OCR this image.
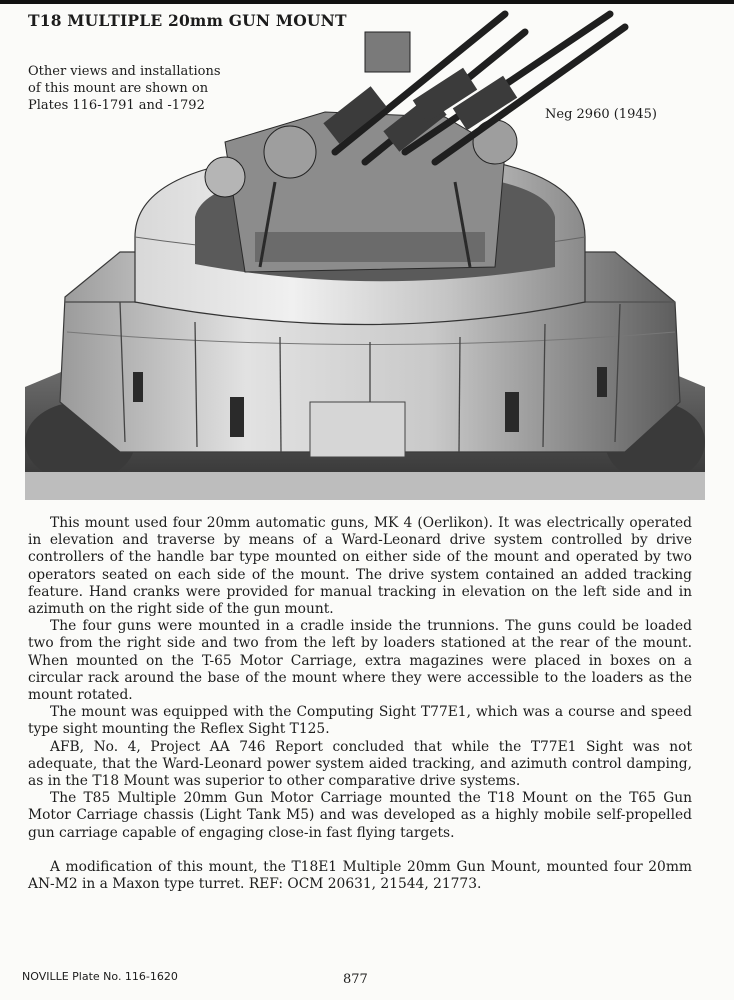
T18 MULTIPLE 20mm GUN MOUNT
Other views and installations
of this mount are shown on
Plates 116-1791 and -1792
Neg 2960 (1945)

This mount used four 20mm automatic guns, MK 4 (Oerlikon). It was electrically operated in elevation and traverse by means of a Ward-Leonard drive system controlled by drive controllers of the handle bar type mounted on either side of the mount and operated by two operators seated on each side of the mount. The drive system contained an added tracking feature. Hand cranks were provided for manual tracking in elevation on the left side and in azimuth on the right side of the gun mount.

The four guns were mounted in a cradle inside the trunnions. The guns could be loaded two from the right side and two from the left by loaders stationed at the rear of the mount. When mounted on the T-65 Motor Carriage, extra magazines were placed in boxes on a circular rack around the base of the mount where they were accessible to the loaders as the mount rotated.

The mount was equipped with the Computing Sight T77E1, which was a course and speed type sight mounting the Reflex Sight T125.

AFB, No. 4, Project AA 746 Report concluded that while the T77E1 Sight was not adequate, that the Ward-Leonard power system aided tracking, and azimuth control damping, as in the T18 Mount was superior to other comparative drive systems.

The T85 Multiple 20mm Gun Motor Carriage mounted the T18 Mount on the T65 Gun Motor Carriage chassis (Light Tank M5) and was developed as a highly mobile self-propelled gun carriage capable of engaging close-in fast flying targets.

A modification of this mount, the T18E1 Multiple 20mm Gun Mount, mounted four 20mm AN-M2 in a Maxon type turret. REF: OCM 20631, 21544, 21773.

NOVILLE Plate No. 116-1620	877
